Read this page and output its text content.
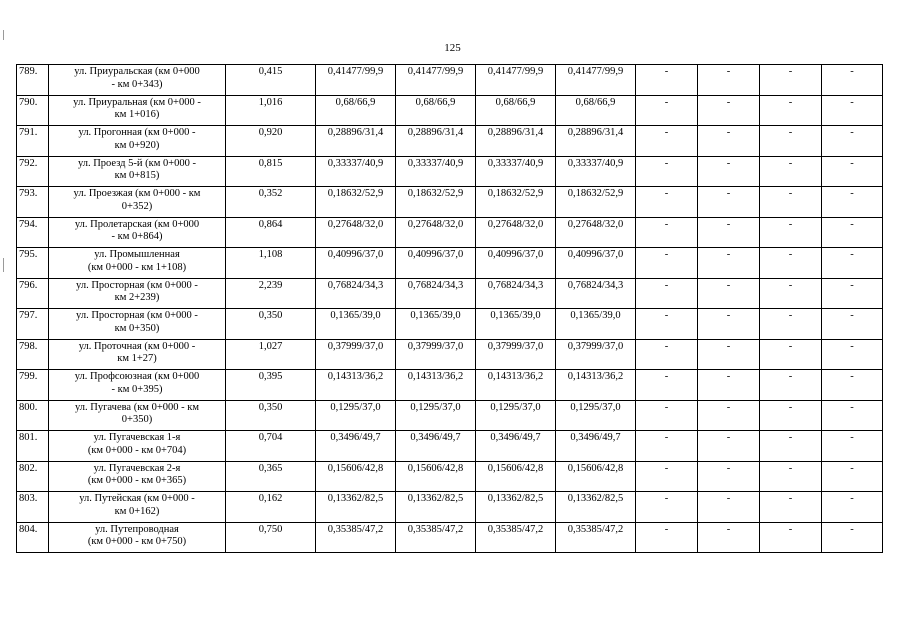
125
789.	ул. Приуральская (км 0+000
- км 0+343)	0,415	0,41477/99,9	0,41477/99,9	0,41477/99,9	0,41477/99,9	-	-	-	-
790.	ул. Приуральная (км 0+000 -
км 1+016)	1,016	0,68/66,9	0,68/66,9	0,68/66,9	0,68/66,9	-	-	-	-
791.	ул. Прогонная (км 0+000 -
км 0+920)	0,920	0,28896/31,4	0,28896/31,4	0,28896/31,4	0,28896/31,4	-	-	-	-
792.	ул. Проезд 5-й (км 0+000 -
км 0+815)	0,815	0,33337/40,9	0,33337/40,9	0,33337/40,9	0,33337/40,9	-	-	-	-
793.	ул. Проезжая (км 0+000 - км
0+352)	0,352	0,18632/52,9	0,18632/52,9	0,18632/52,9	0,18632/52,9	-	-	-	-
794.	ул. Пролетарская (км 0+000
- км 0+864)	0,864	0,27648/32,0	0,27648/32,0	0,27648/32,0	0,27648/32,0	-	-	-	-
795.	ул. Промышленная
(км 0+000 - км 1+108)	1,108	0,40996/37,0	0,40996/37,0	0,40996/37,0	0,40996/37,0	-	-	-	-
796.	ул. Просторная (км 0+000 -
км 2+239)	2,239	0,76824/34,3	0,76824/34,3	0,76824/34,3	0,76824/34,3	-	-	-	-
797.	ул. Просторная (км 0+000 -
км 0+350)	0,350	0,1365/39,0	0,1365/39,0	0,1365/39,0	0,1365/39,0	-	-	-	-
798.	ул. Проточная (км 0+000 -
км 1+27)	1,027	0,37999/37,0	0,37999/37,0	0,37999/37,0	0,37999/37,0	-	-	-	-
799.	ул. Профсоюзная (км 0+000
- км 0+395)	0,395	0,14313/36,2	0,14313/36,2	0,14313/36,2	0,14313/36,2	-	-	-	-
800.	ул. Пугачева (км 0+000 - км
0+350)	0,350	0,1295/37,0	0,1295/37,0	0,1295/37,0	0,1295/37,0	-	-	-	-
801.	ул. Пугачевская 1-я
(км 0+000 - км 0+704)	0,704	0,3496/49,7	0,3496/49,7	0,3496/49,7	0,3496/49,7	-	-	-	-
802.	ул. Пугачевская 2-я
(км 0+000 - км 0+365)	0,365	0,15606/42,8	0,15606/42,8	0,15606/42,8	0,15606/42,8	-	-	-	-
803.	ул. Путейская (км 0+000 -
км 0+162)	0,162	0,13362/82,5	0,13362/82,5	0,13362/82,5	0,13362/82,5	-	-	-	-
804.	ул. Путепроводная
(км 0+000 - км 0+750)	0,750	0,35385/47,2	0,35385/47,2	0,35385/47,2	0,35385/47,2	-	-	-	-
